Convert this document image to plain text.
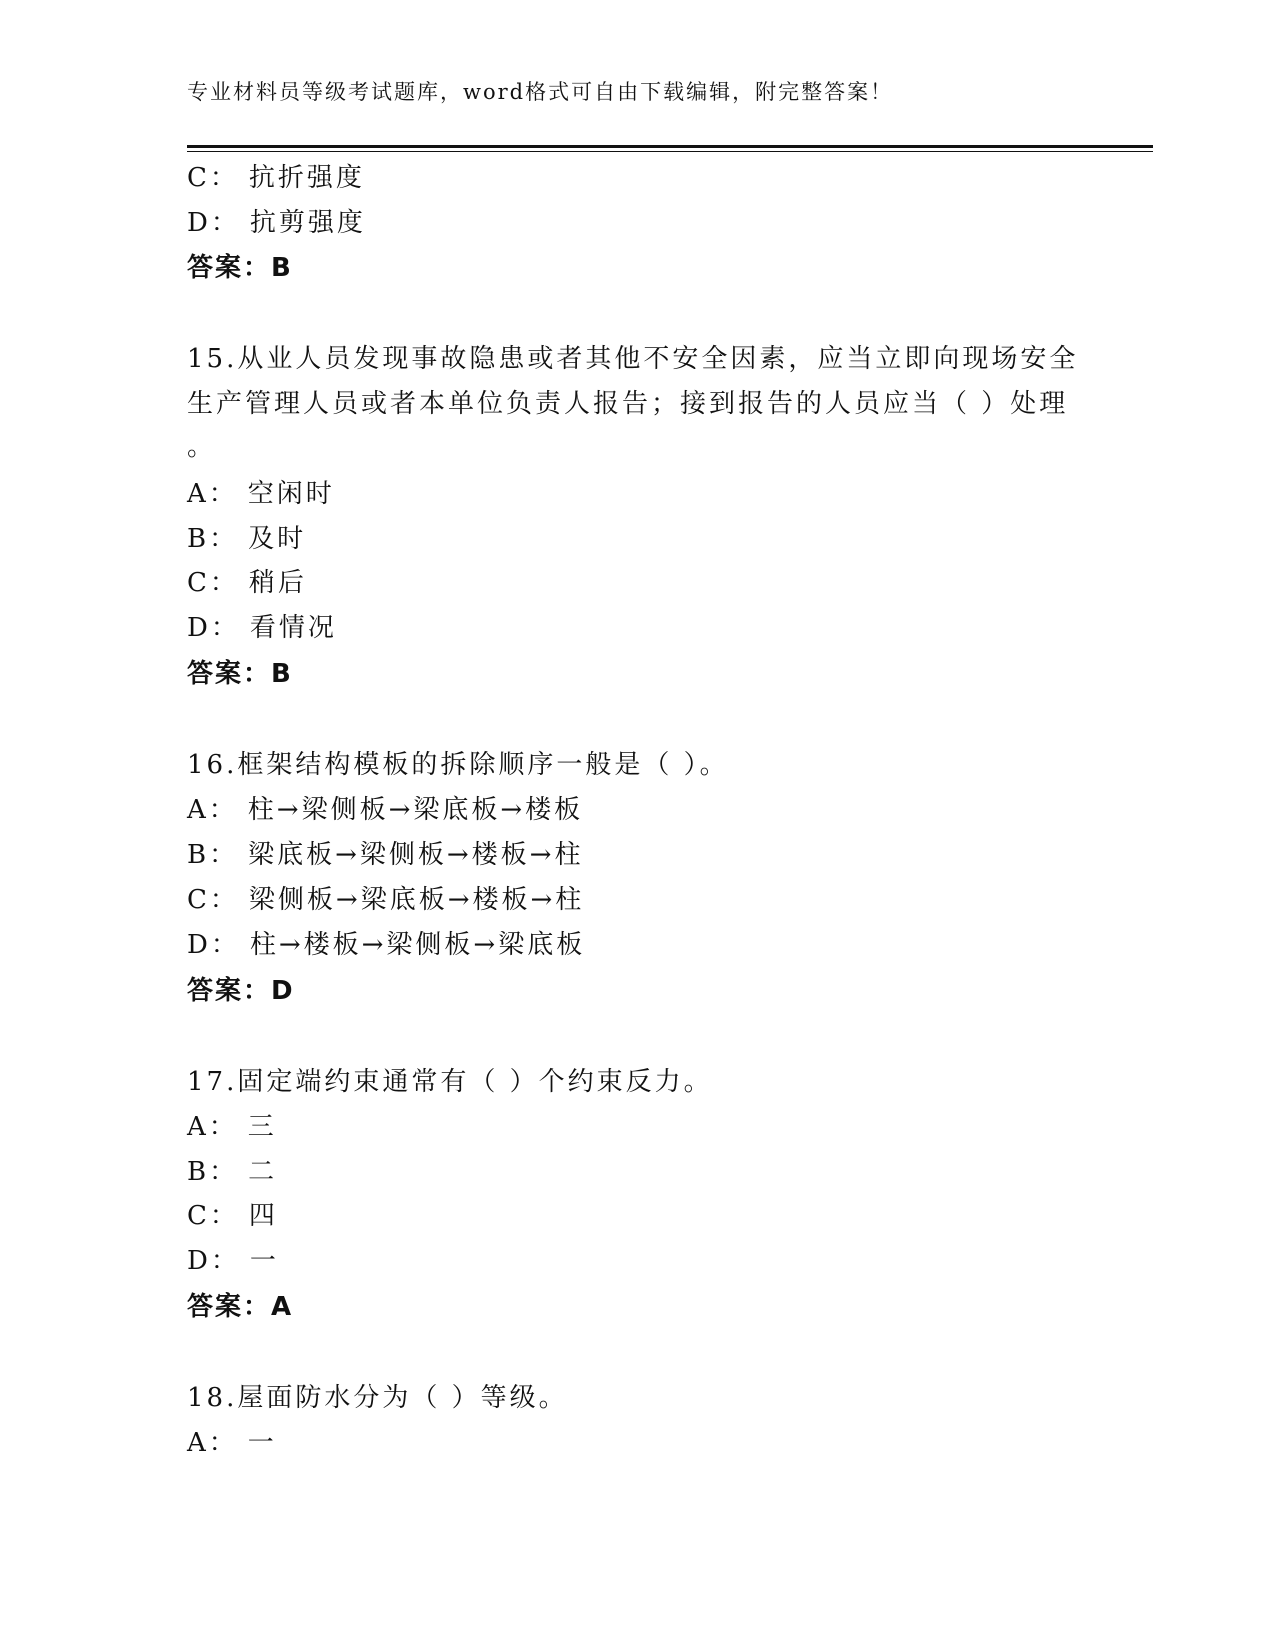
专业材料员等级考试题库，word格式可自由下载编辑，附完整答案！
C： 抗折强度
D： 抗剪强度
答案：B
15.从业人员发现事故隐患或者其他不安全因素，应当立即向现场安全
生产管理人员或者本单位负责人报告；接到报告的人员应当（ ）处理
。
A： 空闲时
B： 及时
C： 稍后
D： 看情况
答案：B
16.框架结构模板的拆除顺序一般是（ ）。
A： 柱→梁侧板→梁底板→楼板
B： 梁底板→梁侧板→楼板→柱
C： 梁侧板→梁底板→楼板→柱
D： 柱→楼板→梁侧板→梁底板
答案：D
17.固定端约束通常有（ ）个约束反力。
A： 三
B： 二
C： 四
D： 一
答案：A
18.屋面防水分为（ ）等级。
A： 一
